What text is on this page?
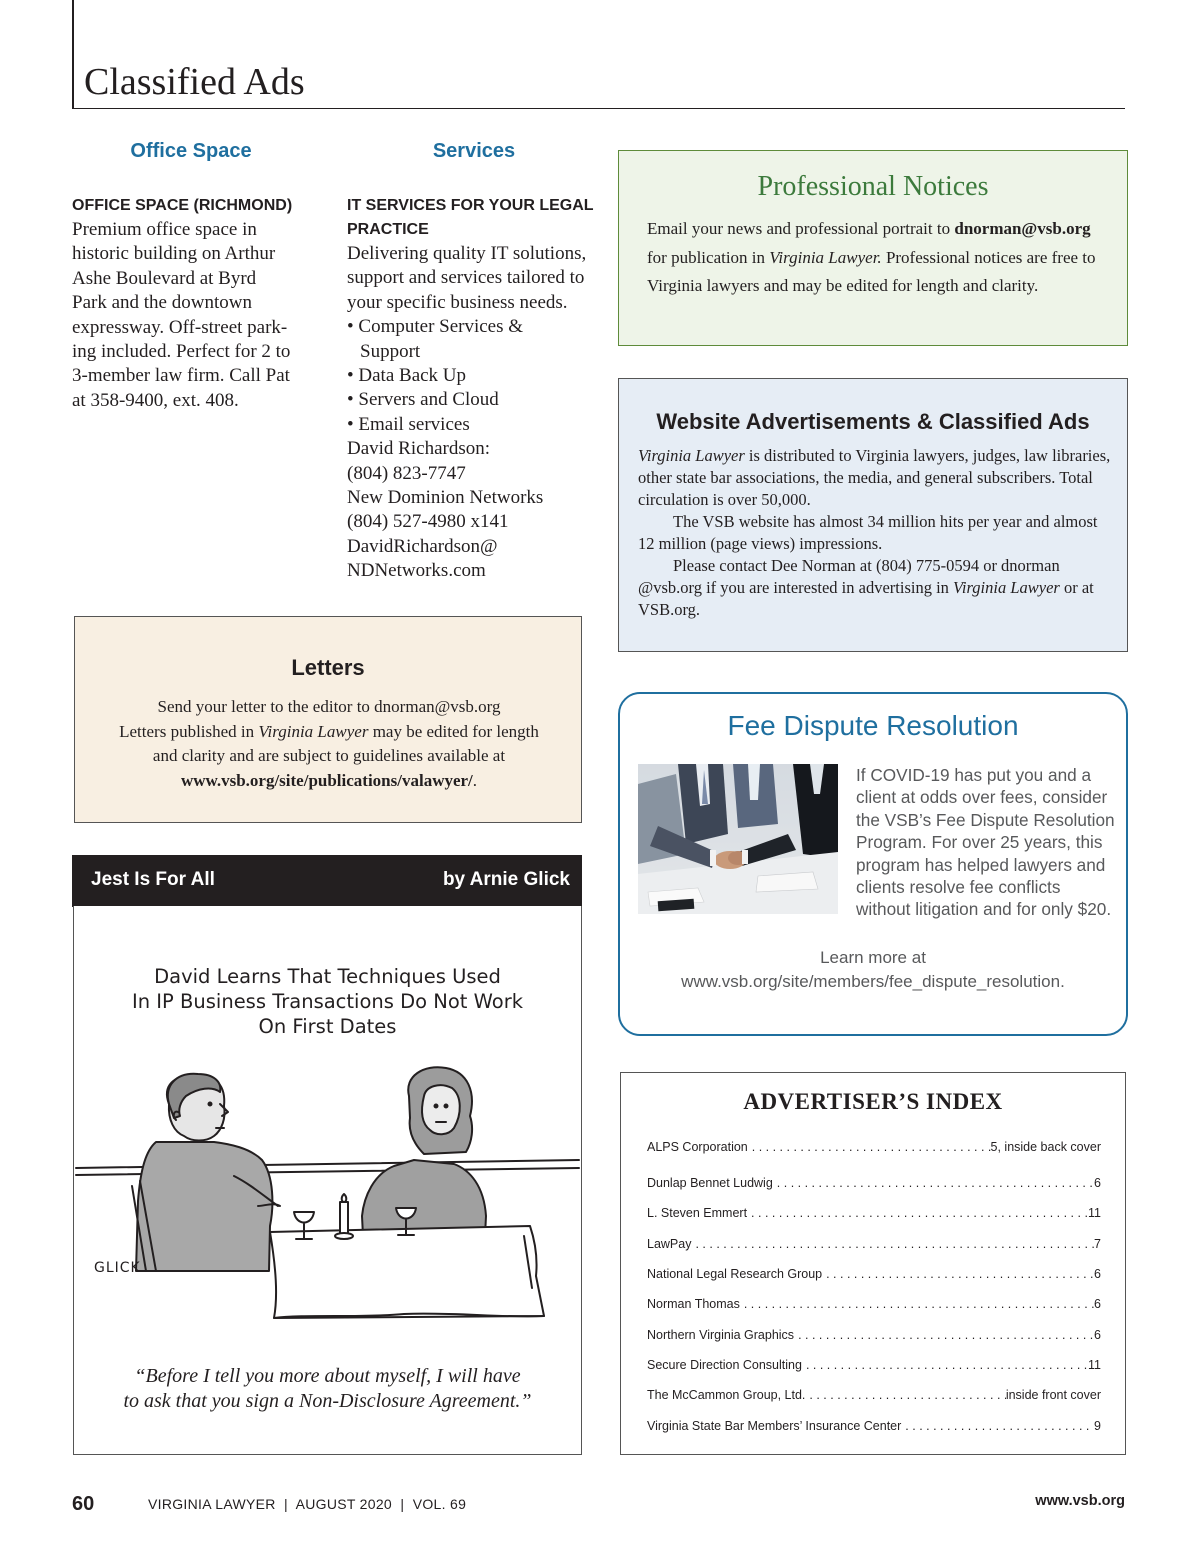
Classified Ads
Office Space
OFFICE SPACE (RICHMOND)
Premium office space in
historic building on Arthur
Ashe Boulevard at Byrd
Park and the downtown
expressway. Off-street park-
ing included. Perfect for 2 to
3-member law firm. Call Pat
at 358-9400, ext. 408.
Services
IT SERVICES FOR YOUR LEGAL
PRACTICE
Delivering quality IT solutions,
support and services tailored to
your specific business needs.
• Computer Services & Support
• Data Back Up
• Servers and Cloud
• Email services
David Richardson:
(804) 823-7747
New Dominion Networks
(804) 527-4980 x141
DavidRichardson@
NDNetworks.com
Professional Notices
Email your news and professional portrait to dnorman@vsb.org for publication in Virginia Lawyer. Professional notices are free to Virginia lawyers and may be edited for length and clarity.
Website Advertisements & Classified Ads

Virginia Lawyer is distributed to Virginia lawyers, judges, law libraries, other state bar associations, the media, and general subscribers. Total circulation is over 50,000.

The VSB website has almost 34 million hits per year and almost 12 million (page views) impressions.

Please contact Dee Norman at (804) 775-0594 or dnorman @vsb.org if you are interested in advertising in Virginia Lawyer or at VSB.org.

Letters
Send your letter to the editor to dnorman@vsb.org
Letters published in Virginia Lawyer may be edited for length
and clarity and are subject to guidelines available at
www.vsb.org/site/publications/valawyer/.
Fee Dispute Resolution
If COVID-19 has put you and a client at odds over fees, consider the VSB’s Fee Dispute Resolution Program. For over 25 years, this program has helped lawyers and clients resolve fee conflicts without litigation and for only $20.
Learn more at
www.vsb.org/site/members/fee_dispute_resolution.
ADVERTISER’S INDEX
ALPS Corporation . . .	5, inside back cover
Dunlap Bennet Ludwig . . .	6
L. Steven Emmert . . .	11
LawPay . . .	7
National Legal Research Group . . .	6
Norman Thomas . . .	6
Northern Virginia Graphics . . .	6
Secure Direction Consulting . . .	11
The McCammon Group, Ltd. . . .	inside front cover
Virginia State Bar Members’ Insurance Center . . .	9
Jest Is For All	by Arnie Glick
David Learns That Techniques Used
In IP Business Transactions Do Not Work
On First Dates
GLICK
“Before I tell you more about myself, I will have
to ask that you sign a Non-Disclosure Agreement.”
60	VIRGINIA LAWYER  |  AUGUST 2020  |  VOL. 69	www.vsb.org
